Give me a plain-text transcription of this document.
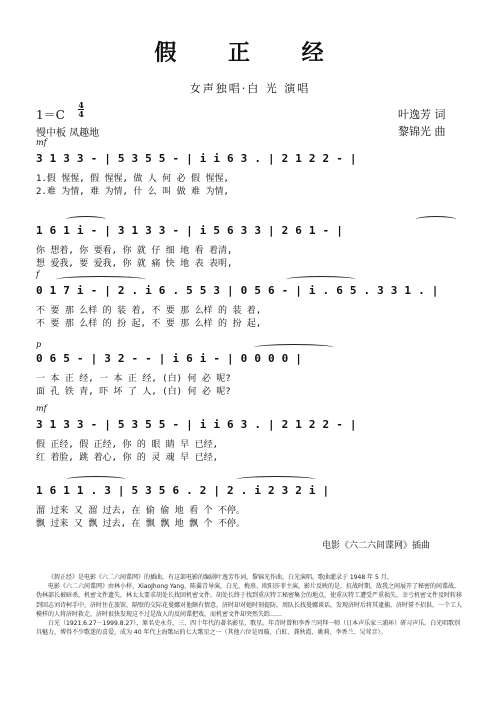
假 正 经
女声独唱·白 光 演唱
1＝C
4
4
慢中板 凤趣地
叶逸芳 词
黎锦光 曲
mf
3 1 3 3 - | 5 3 5 5 - | i i 6 3 . | 2 1 2 2 - |
1.假 惺惺, 假 惺惺, 做 人 何 必 假 惺惺,
2.难 为情, 难 为情, 什 么 叫 做 难 为情,
1 6 1 i - | 3 1 3 3 - | i 5 6 3 3 | 2 6 1 - |
你 想着, 你 要看, 你 就 仔 细 地 看 着清,
想 爱我, 要 爱我, 你 就 痛 快 地 表 表明,
f
0 1 7 i - | 2 . i 6 . 5 5 3 | 0 5 6 - | i . 6 5 . 3 3 1 . |
不 要 那 么样 的 装 着, 不 要 那 么样 的 装 着,
不 要 那 么样 的 扮 起, 不 要 那 么样 的 扮 起,
p
0 6 5 - | 3 2 - - | i 6 i - | 0 0 0 0 |
一 本 正 经, 一 本 正 经, (白) 何 必 呢?
面 孔 铁 青, 吓 坏 了 人, (白) 何 必 呢?
mf
3 1 3 3 - | 5 3 5 5 - | i i 6 3 . | 2 1 2 2 - |
假 正经, 假 正经, 你 的 眼 睛 早 已经,
红 着脸, 跳 着心, 你 的 灵 魂 早 已经,
1 6 1 1 . 3 | 5 3 5 6 . 2 | 2 . i 2 3 2 i |
溜 过来 又 溜 过去, 在 偷 偷 地 看 个 不停。
飘 过来 又 飘 过去, 在 飘 飘 地 飘 个 不停。
电影《六二六间谍网》插曲

《假正经》是电影《六二六间谍网》的插曲，有这部电影的编剧叶逸芳作词，黎锦光作曲，白光演唱。歌曲灌录于 1948 年 5 月。

电影《六二六间谍网》由林小梓、XiaoJhong Yang、陈翼青导演，白光、梅熹、欧阳莎菲主演，影片反映的是，抗战时期，敌我之间展开了秘密的间谍战。伪林部长被暗杀，机密文件遗失，林太太要求胡处长找回机密文件。胡处长终于找到重庆特工秘密集会的地点，使重庆特工遭受严重损失，幸亏机密文件及时转移到回志刘诗柯手中，济时住在旅馆，隔壁的交际花曼娜对他颇有情意，济时却对她时刻提防。周队长找曼娜谈话，发现济时后将其逮捕。济时誓不招供，一个工人模样的人将济时救走，济时很快发现这不过是敌人的反间谍把戏，而机密文件却突然失踪……

白光（1921.6.27－1999.8.27），原名史永芬，三、四十年代的著名影星，歌星。年青时曾和李香兰同拜一师（日本声乐家三浦环）研习声乐。白光唱歌别具魅力，博得不少歌迷的喜爱，成为 40 年代上海歌坛的七大歌星之一（其他六位是周璇、白虹、龚秋霞、姚莉、李香兰、吴莺音）。
